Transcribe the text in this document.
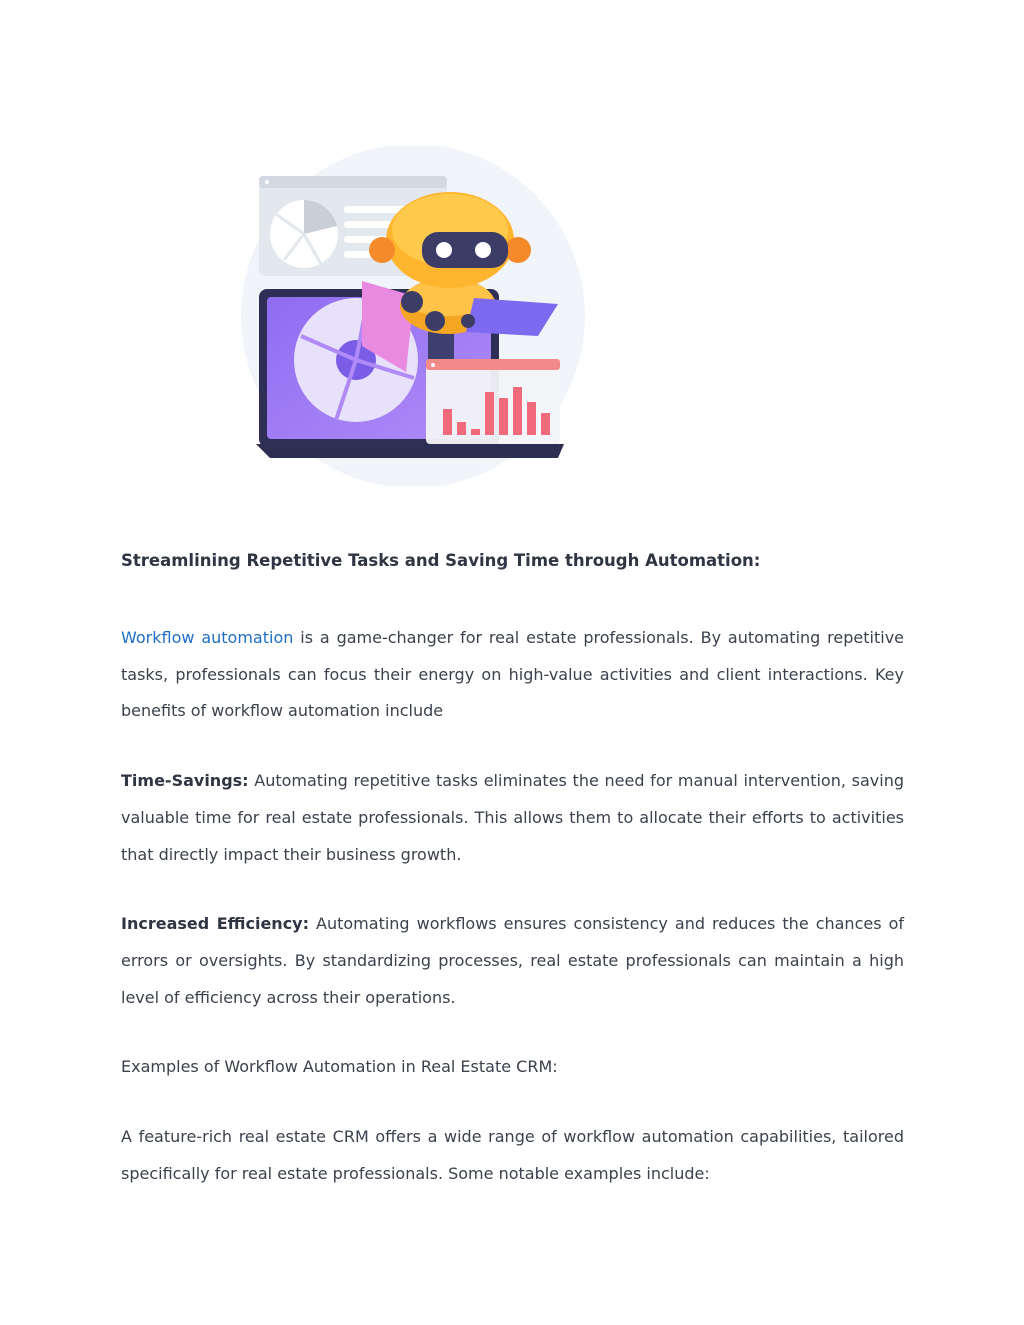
Streamlining Repetitive Tasks and Saving Time through Automation:

Workflow automation is a game-changer for real estate professionals. By automating repetitive tasks, professionals can focus their energy on high-value activities and client interactions. Key benefits of workflow automation include

Time-Savings: Automating repetitive tasks eliminates the need for manual intervention, saving valuable time for real estate professionals. This allows them to allocate their efforts to activities that directly impact their business growth.

Increased Efficiency: Automating workflows ensures consistency and reduces the chances of errors or oversights. By standardizing processes, real estate professionals can maintain a high level of efficiency across their operations.

Examples of Workflow Automation in Real Estate CRM:

A feature-rich real estate CRM offers a wide range of workflow automation capabilities, tailored specifically for real estate professionals. Some notable examples include:
